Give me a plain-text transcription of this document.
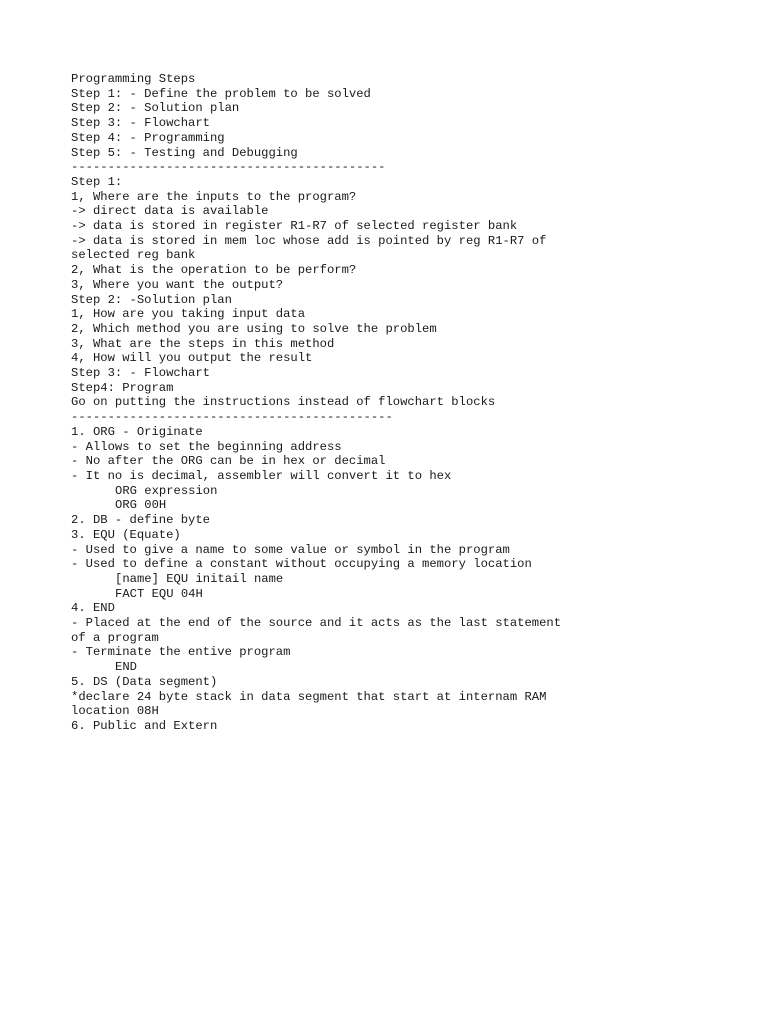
Programming Steps
Step 1: - Define the problem to be solved
Step 2: - Solution plan
Step 3: - Flowchart
Step 4: - Programming
Step 5: - Testing and Debugging
-------------------------------------------
Step 1:
1, Where are the inputs to the program?
-> direct data is available
-> data is stored in register R1-R7 of selected register bank
-> data is stored in mem loc whose add is pointed by reg R1-R7 of
selected reg bank
2, What is the operation to be perform?
3, Where you want the output?
Step 2: -Solution plan
1, How are you taking input data
2, Which method you are using to solve the problem
3, What are the steps in this method
4, How will you output the result
Step 3: - Flowchart
Step4: Program
Go on putting the instructions instead of flowchart blocks
--------------------------------------------
1. ORG - Originate
- Allows to set the beginning address
- No after the ORG can be in hex or decimal
- It no is decimal, assembler will convert it to hex
ORG expression
ORG 00H
2. DB - define byte
3. EQU (Equate)
- Used to give a name to some value or symbol in the program
- Used to define a constant without occupying a memory location
[name] EQU initail name
FACT EQU 04H
4. END
- Placed at the end of the source and it acts as the last statement
of a program
- Terminate the entive program
END
5. DS (Data segment)
*declare 24 byte stack in data segment that start at internam RAM
location 08H
6. Public and Extern
